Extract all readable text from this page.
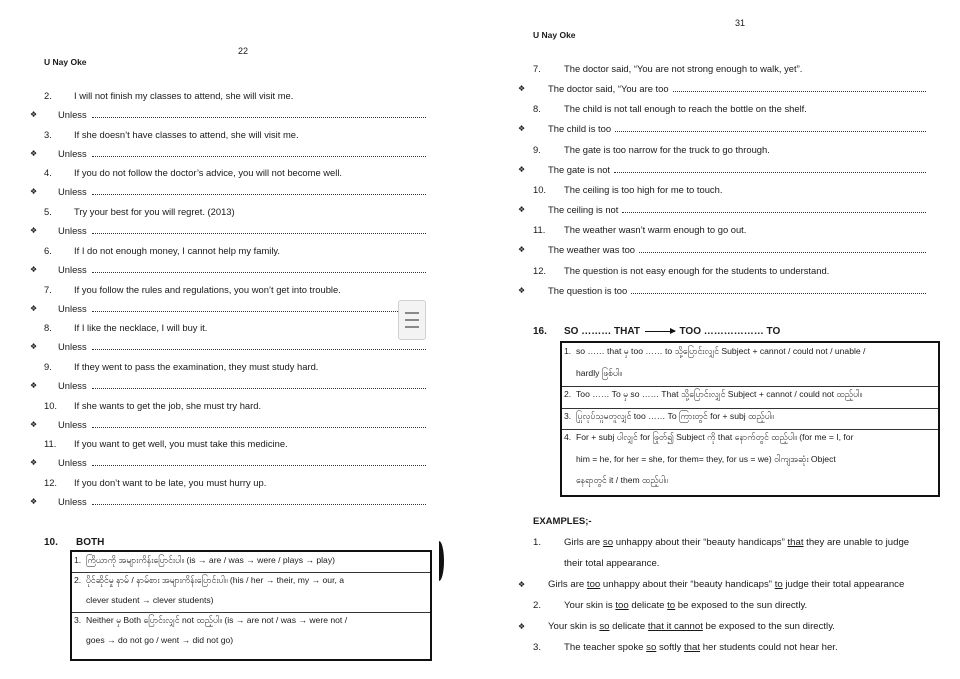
22
U Nay Oke
2. I will not finish my classes to attend, she will visit me.
❖ Unless
3. If she doesn’t have classes to attend, she will visit me.
❖ Unless
4. If you do not follow the doctor’s advice, you will not become well.
❖ Unless
5. Try your best for you will regret. (2013)
❖ Unless
6. If I do not enough money, I cannot help my family.
❖ Unless
7. If you follow the rules and regulations, you won’t get into trouble.
❖ Unless
8. If I like the necklace, I will buy it.
❖ Unless
9. If they went to pass the examination, they must study hard.
❖ Unless
10. If she wants to get the job, she must try hard.
❖ Unless
11. If you want to get well, you must take this medicine.
❖ Unless
12. If you don’t want to be late, you must hurry up.
❖ Unless
10. BOTH
1. ကြိယာကို အများကိန်းပြောင်းပါ။ (is → are / was → were / plays → play)
2. ပိုင်ဆိုင်မှု နာမ် / နာမ်စား အများကိန်းပြောင်းပါ။ (his / her → their, my → our, a
clever student → clever students)
3. Neither မှ Both ပြောင်းလျှင် not ထည့်ပါ။ (is → are not / was → were not /
goes → do not go / went → did not go)
31
U Nay Oke
7. The doctor said, “You are not strong enough to walk, yet”.
❖ The doctor said, “You are too
8. The child is not tall enough to reach the bottle on the shelf.
❖ The child is too
9. The gate is too narrow for the truck to go through.
❖ The gate is not
10. The ceiling is too high for me to touch.
❖ The ceiling is not
11. The weather wasn’t warm enough to go out.
❖ The weather was too
12. The question is not easy enough for the students to understand.
❖ The question is too
16. SO ……… THAT	TOO ……………… TO
1. so …… that မှ too …… to သို့ပြောင်းလျှင် Subject + cannot / could not / unable /
hardly ဖြစ်ပါ။
2. Too …… To မှ so …… That သို့ပြောင်းလျှင် Subject + cannot / could not ထည့်ပါ။
3. ပြုလုပ်သူမတူလျှင် too …… To ကြားတွင် for + subj ထည့်ပါ။
4. For + subj ပါလျှင် for ဖြုတ်၍ Subject ကို that နောက်တွင် ထည့်ပါ။ (for me = I, for
him = he, for her = she, for them= they, for us = we) ဝါကျအဆုံး Object
နေရာတွင် it / them ထည့်ပါ။
EXAMPLES;-
1. Girls are so unhappy about their “beauty handicaps” that they are unable to judge
their total appearance.
❖ Girls are too unhappy about their “beauty handicaps” to judge their total appearance
2. Your skin is too delicate to be exposed to the sun directly.
❖ Your skin is so delicate that it cannot be exposed to the sun directly.
3. The teacher spoke so softly that her students could not hear her.
